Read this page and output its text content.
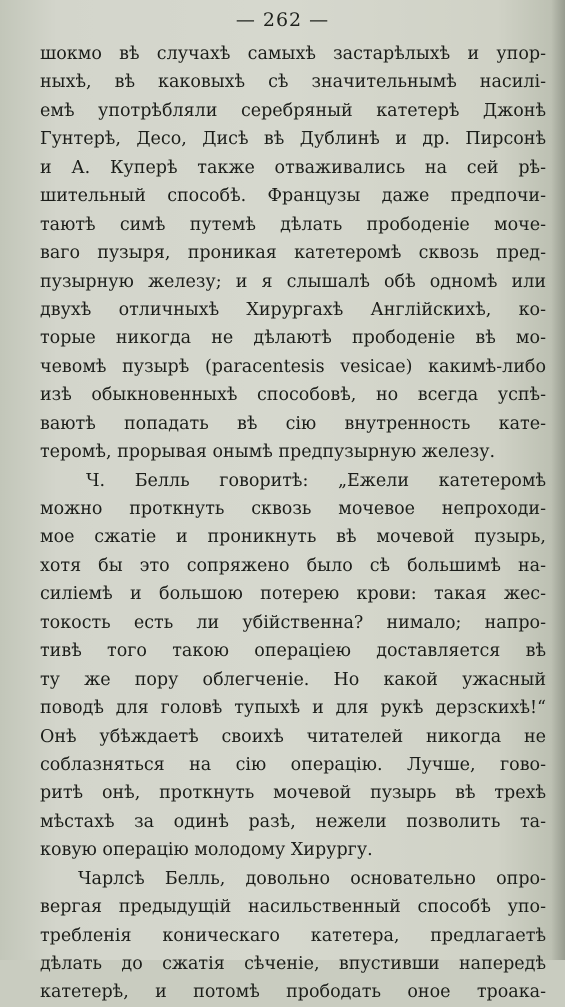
— 262 —
шокмо вѣ случахѣ самыхѣ застарѣлыхѣ и упор-
ныхѣ, вѣ каковыхѣ сѣ значительнымѣ насилі-
емѣ употрѣбляли серебряный катетерѣ Джонѣ
Гунтерѣ, Десо, Дисѣ вѣ Дублинѣ и др. Пирсонѣ
и А. Куперѣ также отваживались на сей рѣ-
шительный способѣ. Французы даже предпочи-
таютѣ симѣ путемѣ дѣлать прободеніе моче-
ваго пузыря, проникая катетеромѣ сквозь пред-
пузырную железу; и я слышалѣ обѣ одномѣ или
двухѣ отличныхѣ Хирургахѣ Англійскихѣ, ко-
торые никогда не дѣлаютѣ прободеніе вѣ мо-
чевомѣ пузырѣ (paracentesis vesicae) какимѣ-либо
изѣ обыкновенныхѣ способовѣ, но всегда успѣ-
ваютѣ попадать вѣ сію внутренность кате-
теромѣ, прорывая онымѣ предпузырную железу.
Ч. Белль говоритѣ: „Ежели катетеромѣ
можно проткнуть сквозь мочевое непроходи-
мое сжатіе и проникнуть вѣ мочевой пузырь,
хотя бы это сопряжено было сѣ большимѣ на-
силіемѣ и большою потерею крови: такая жес-
токость есть ли убійственна? нимало; напро-
тивѣ того такою операціею доставляется вѣ
ту же пору облегченіе. Но какой ужасный
поводѣ для головѣ тупыхѣ и для рукѣ дерзскихѣ!“
Онѣ убѣждаетѣ своихѣ читателей никогда не
соблазняться на сію операцію. Лучше, гово-
ритѣ онѣ, проткнуть мочевой пузырь вѣ трехѣ
мѣстахѣ за одинѣ разѣ, нежели позволить та-
ковую операцію молодому Хирургу.
Чарлсѣ Белль, довольно основательно опро-
вергая предыдущій насильственный способѣ упо-
требленія коническаго катетера, предлагаетѣ
дѣлать до сжатія сѣченіе, впустивши напередѣ
катетерѣ, и потомѣ прободать оное троака-
